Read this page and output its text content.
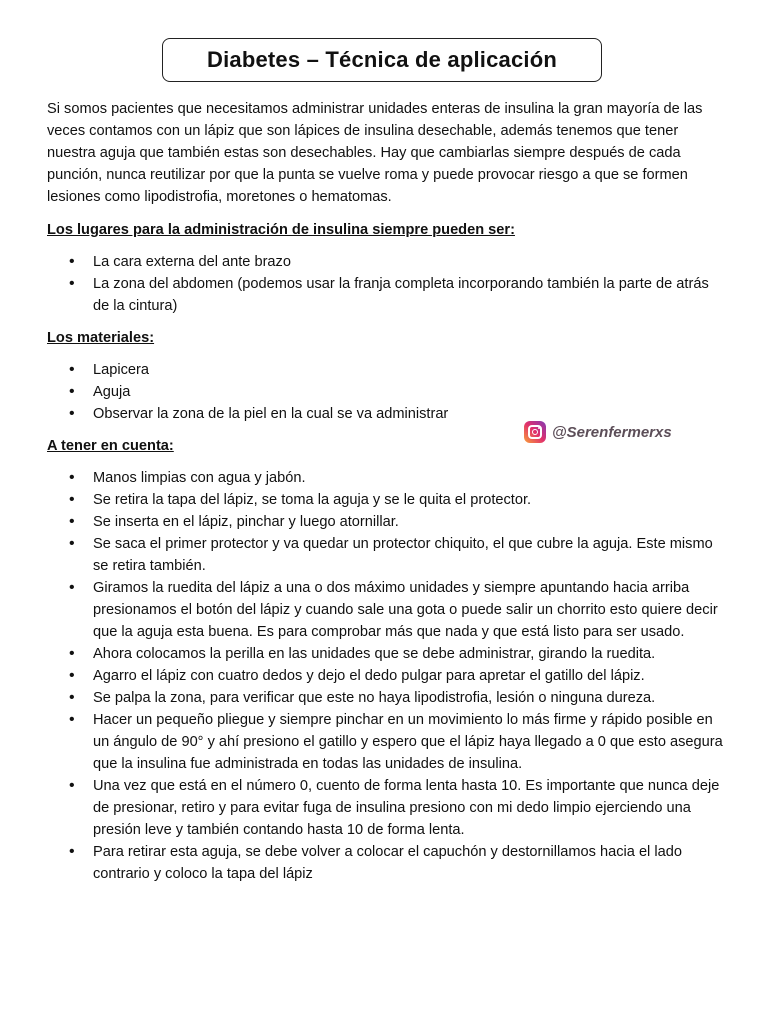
Diabetes – Técnica de aplicación

Si somos pacientes que necesitamos administrar unidades enteras de insulina la gran mayoría de las veces contamos con un lápiz que son lápices de insulina desechable, además tenemos que tener nuestra aguja que también estas son desechables. Hay que cambiarlas siempre después de cada punción, nunca reutilizar por que la punta se vuelve roma y puede provocar riesgo a que se formen lesiones como lipodistrofia, moretones o hematomas.

Los lugares para la administración de insulina siempre pueden ser:

• La cara externa del ante brazo
• La zona del abdomen (podemos usar la franja completa incorporando también la parte de atrás de la cintura)

Los materiales:

• Lapicera
• Aguja
• Observar la zona de la piel en la cual se va administrar

A tener en cuenta:

• Manos limpias con agua y jabón.
• Se retira la tapa del lápiz, se toma la aguja y se le quita el protector.
• Se inserta en el lápiz, pinchar y luego atornillar.
• Se saca el primer protector y va quedar un protector chiquito, el que cubre la aguja. Este mismo se retira también.
• Giramos la ruedita del lápiz a una o dos máximo unidades y siempre apuntando hacia arriba presionamos el botón del lápiz y cuando sale una gota o puede salir un chorrito esto quiere decir que la aguja esta buena. Es para comprobar más que nada y que está listo para ser usado.
• Ahora colocamos la perilla en las unidades que se debe administrar, girando la ruedita.
• Agarro el lápiz con cuatro dedos y dejo el dedo pulgar para apretar el gatillo del lápiz.
• Se palpa la zona, para verificar que este no haya lipodistrofia, lesión o ninguna dureza.
• Hacer un pequeño pliegue y siempre pinchar en un movimiento lo más firme y rápido posible en un ángulo de 90° y ahí presiono el gatillo y espero que el lápiz haya llegado a 0 que esto asegura que la insulina fue administrada en todas las unidades de insulina.
• Una vez que está en el número 0, cuento de forma lenta hasta 10. Es importante que nunca deje de presionar, retiro y para evitar fuga de insulina presiono con mi dedo limpio ejerciendo una presión leve y también contando hasta 10 de forma lenta.
• Para retirar esta aguja, se debe volver a colocar el capuchón y destornillamos hacia el lado contrario y coloco la tapa del lápiz
@Serenfermerxs
